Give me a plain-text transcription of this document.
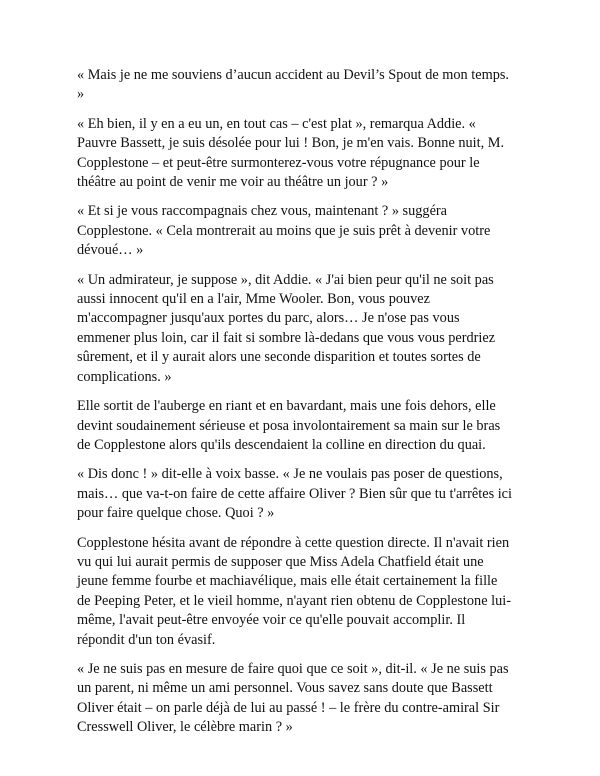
« Mais je ne me souviens d’aucun accident au Devil’s Spout de mon temps.
»

« Eh bien, il y en a eu un, en tout cas – c'est plat », remarqua Addie. «
Pauvre Bassett, je suis désolée pour lui ! Bon, je m'en vais. Bonne nuit, M.
Copplestone – et peut-être surmonterez-vous votre répugnance pour le
théâtre au point de venir me voir au théâtre un jour ? »

« Et si je vous raccompagnais chez vous, maintenant ? » suggéra
Copplestone. « Cela montrerait au moins que je suis prêt à devenir votre
dévoué… »

« Un admirateur, je suppose », dit Addie. « J'ai bien peur qu'il ne soit pas
aussi innocent qu'il en a l'air, Mme Wooler. Bon, vous pouvez
m'accompagner jusqu'aux portes du parc, alors… Je n'ose pas vous
emmener plus loin, car il fait si sombre là-dedans que vous vous perdriez
sûrement, et il y aurait alors une seconde disparition et toutes sortes de
complications. »

Elle sortit de l'auberge en riant et en bavardant, mais une fois dehors, elle
devint soudainement sérieuse et posa involontairement sa main sur le bras
de Copplestone alors qu'ils descendaient la colline en direction du quai.

« Dis donc ! » dit-elle à voix basse. « Je ne voulais pas poser de questions,
mais… que va-t-on faire de cette affaire Oliver ? Bien sûr que tu t'arrêtes ici
pour faire quelque chose. Quoi ? »

Copplestone hésita avant de répondre à cette question directe. Il n'avait rien
vu qui lui aurait permis de supposer que Miss Adela Chatfield était une
jeune femme fourbe et machiavélique, mais elle était certainement la fille
de Peeping Peter, et le vieil homme, n'ayant rien obtenu de Copplestone lui-
même, l'avait peut-être envoyée voir ce qu'elle pouvait accomplir. Il
répondit d'un ton évasif.

« Je ne suis pas en mesure de faire quoi que ce soit », dit-il. « Je ne suis pas
un parent, ni même un ami personnel. Vous savez sans doute que Bassett
Oliver était – on parle déjà de lui au passé ! – le frère du contre-amiral Sir
Cresswell Oliver, le célèbre marin ? »
